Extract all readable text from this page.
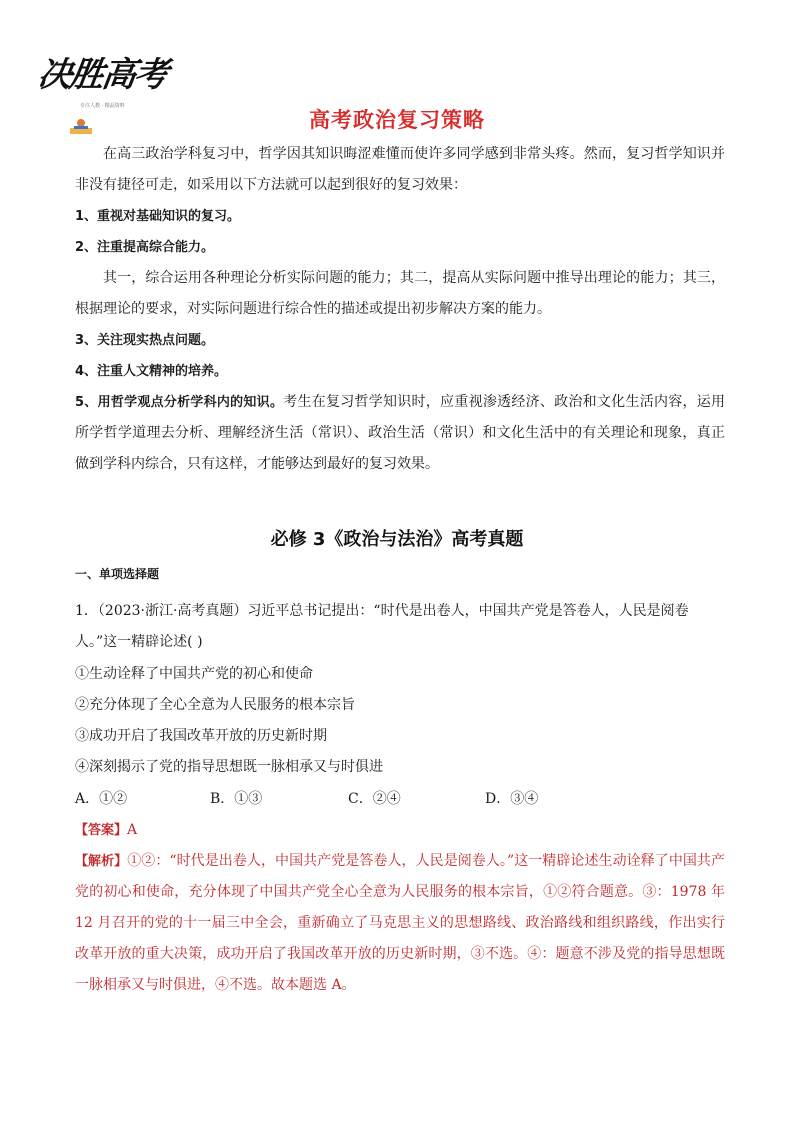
决胜高考
专注人教 · 精品资料
高考政治复习策略
在高三政治学科复习中，哲学因其知识晦涩难懂而使许多同学感到非常头疼。然而，复习哲学知识并非没有捷径可走，如采用以下方法就可以起到很好的复习效果：
1、重视对基础知识的复习。
2、注重提高综合能力。
其一，综合运用各种理论分析实际问题的能力；其二，提高从实际问题中推导出理论的能力；其三，根据理论的要求，对实际问题进行综合性的描述或提出初步解决方案的能力。
3、关注现实热点问题。
4、注重人文精神的培养。
5、用哲学观点分析学科内的知识。考生在复习哲学知识时，应重视渗透经济、政治和文化生活内容，运用所学哲学道理去分析、理解经济生活（常识）、政治生活（常识）和文化生活中的有关理论和现象，真正做到学科内综合，只有这样，才能够达到最好的复习效果。
必修 3《政治与法治》高考真题
一、单项选择题
1．（2023·浙江·高考真题）习近平总书记提出：“时代是出卷人，中国共产党是答卷人，人民是阅卷人。”这一精辟论述( )
①生动诠释了中国共产党的初心和使命
②充分体现了全心全意为人民服务的根本宗旨
③成功开启了我国改革开放的历史新时期
④深刻揭示了党的指导思想既一脉相承又与时俱进
A．①②	B．①③	C．②④	D．③④
【答案】A
【解析】①②：“时代是出卷人，中国共产党是答卷人，人民是阅卷人。”这一精辟论述生动诠释了中国共产党的初心和使命，充分体现了中国共产党全心全意为人民服务的根本宗旨，①②符合题意。③：1978 年 12 月召开的党的十一届三中全会，重新确立了马克思主义的思想路线、政治路线和组织路线，作出实行改革开放的重大决策，成功开启了我国改革开放的历史新时期，③不选。④：题意不涉及党的指导思想既一脉相承又与时俱进，④不选。故本题选 A。
